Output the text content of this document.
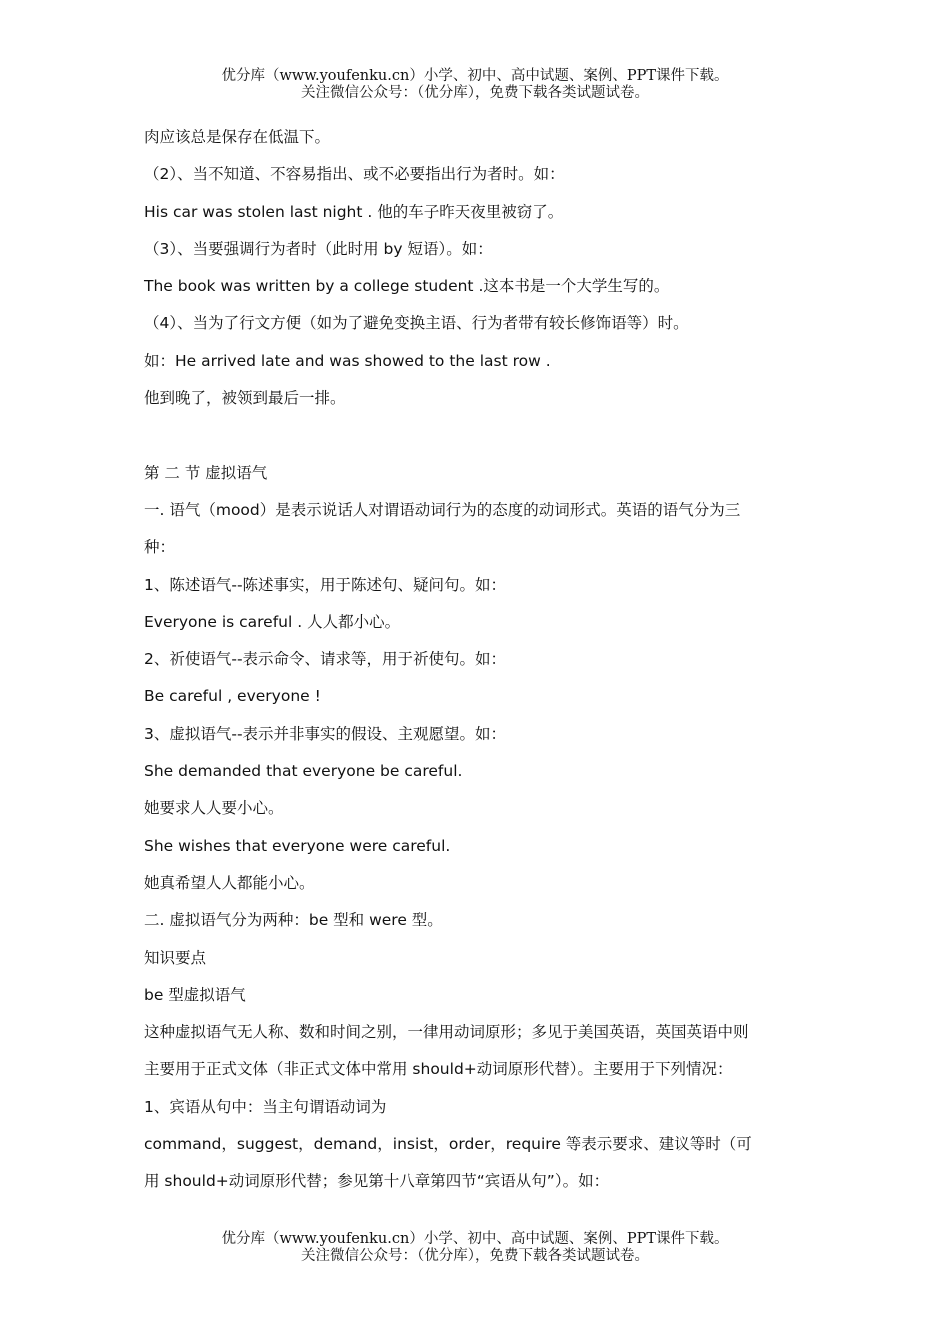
优分库（www.youfenku.cn）小学、初中、高中试题、案例、PPT课件下载。
关注微信公众号：（优分库），免费下载各类试题试卷。
肉应该总是保存在低温下。
（2）、当不知道、不容易指出、或不必要指出行为者时。如：
His car was stolen last night . 他的车子昨天夜里被窃了。
（3）、当要强调行为者时（此时用 by 短语）。如：
The book was written by a college student .这本书是一个大学生写的。
（4）、当为了行文方便（如为了避免变换主语、行为者带有较长修饰语等）时。
如：He arrived late and was showed to the last row .
他到晚了，被领到最后一排。
第 二 节 虚拟语气
一. 语气（mood）是表示说话人对谓语动词行为的态度的动词形式。英语的语气分为三
种：
1、陈述语气--陈述事实，用于陈述句、疑问句。如：
Everyone is careful . 人人都小心。
2、祈使语气--表示命令、请求等，用于祈使句。如：
Be careful , everyone !
3、虚拟语气--表示并非事实的假设、主观愿望。如：
She demanded that everyone be careful.
她要求人人要小心。
She wishes that everyone were careful.
她真希望人人都能小心。
二. 虚拟语气分为两种：be 型和 were 型。
知识要点
be 型虚拟语气
这种虚拟语气无人称、数和时间之别，一律用动词原形；多见于美国英语，英国英语中则
主要用于正式文体（非正式文体中常用 should+动词原形代替）。主要用于下列情况：
1、宾语从句中：当主句谓语动词为
command，suggest，demand，insist，order，require 等表示要求、建议等时（可
用 should+动词原形代替；参见第十八章第四节“宾语从句”）。如：
优分库（www.youfenku.cn）小学、初中、高中试题、案例、PPT课件下载。
关注微信公众号：（优分库），免费下载各类试题试卷。
